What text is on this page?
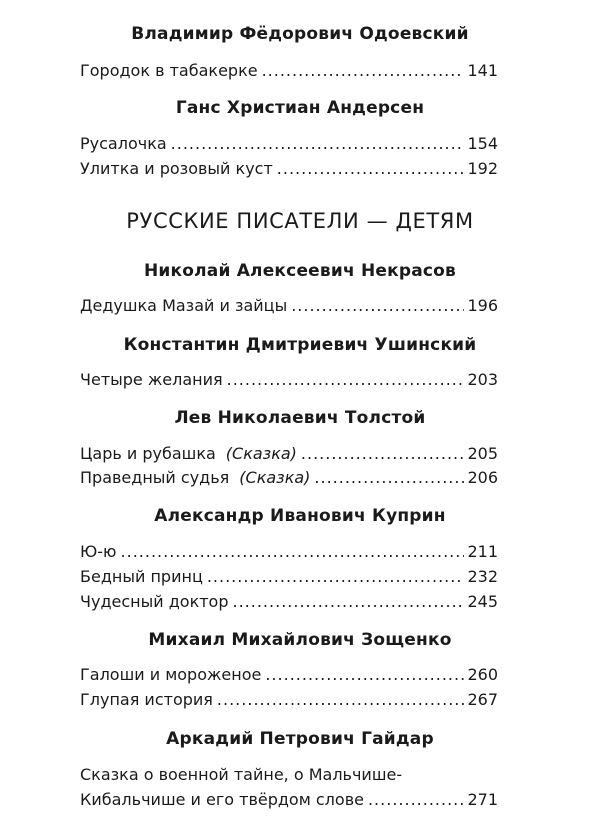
Владимир Фёдорович Одоевский
Городок в табакерке .....	141
Ганс Христиан Андерсен
Русалочка .....	154
Улитка и розовый куст .....	192
РУССКИЕ ПИСАТЕЛИ — ДЕТЯМ
Николай Алексеевич Некрасов
Дедушка Мазай и зайцы .....	196
Константин Дмитриевич Ушинский
Четыре желания .....	203
Лев Николаевич Толстой
Царь и рубашка (Сказка) .....	205
Праведный судья (Сказка) .....	206
Александр Иванович Куприн
Ю-ю .....	211
Бедный принц .....	232
Чудесный доктор .....	245
Михаил Михайлович Зощенко
Галоши и мороженое .....	260
Глупая история .....	267
Аркадий Петрович Гайдар
Сказка о военной тайне, о Мальчише-
Кибальчише и его твёрдом слове .....	271
